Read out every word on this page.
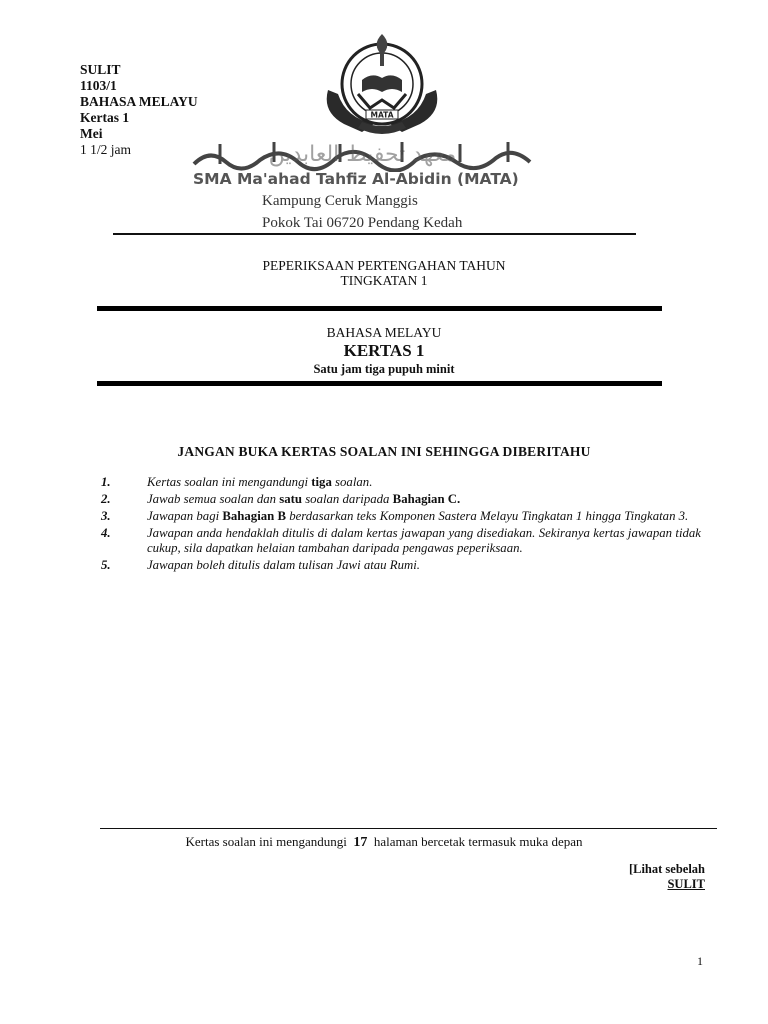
SULIT
1103/1
BAHASA MELAYU
Kertas 1
Mei
1 1/2 jam
MATA
معهد تحفيظ العابدين
SMA Ma'ahad Tahfiz Al-Abidin (MATA)
Kampung Ceruk Manggis
Pokok Tai 06720 Pendang Kedah
PEPERIKSAAN PERTENGAHAN TAHUN
TINGKATAN 1
BAHASA MELAYU
KERTAS 1
Satu jam tiga pupuh minit
JANGAN BUKA KERTAS SOALAN INI SEHINGGA DIBERITAHU
1.	Kertas soalan ini mengandungi tiga soalan.
2.	Jawab semua soalan dan satu soalan daripada Bahagian C.
3.	Jawapan bagi Bahagian B berdasarkan teks Komponen Sastera Melayu Tingkatan 1 hingga Tingkatan 3.
4.	Jawapan anda hendaklah ditulis di dalam kertas jawapan yang disediakan. Sekiranya kertas jawapan tidak cukup, sila dapatkan helaian tambahan daripada pengawas peperiksaan.
5.	Jawapan boleh ditulis dalam tulisan Jawi atau Rumi.
Kertas soalan ini mengandungi  17  halaman bercetak termasuk muka depan
[Lihat sebelah
SULIT
1
